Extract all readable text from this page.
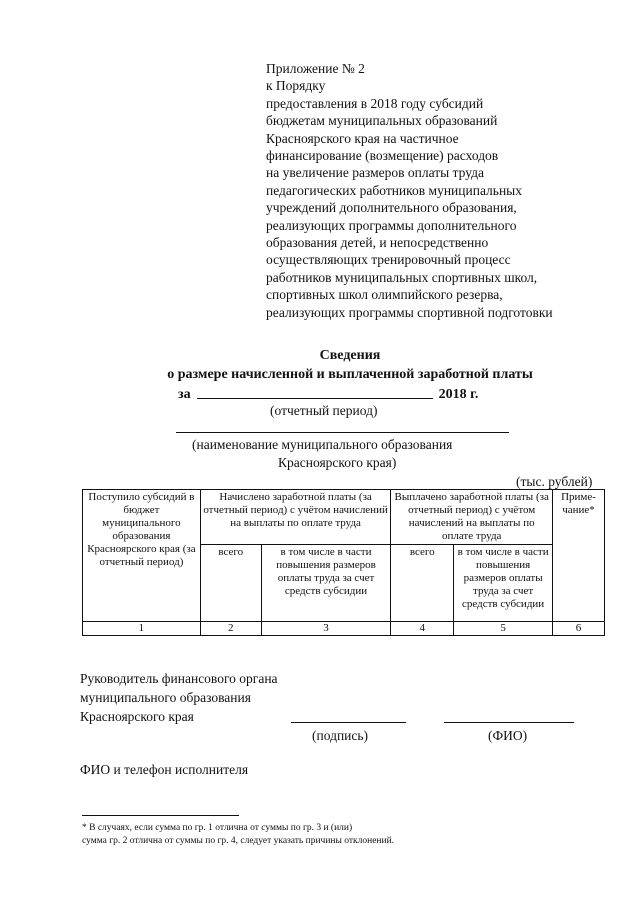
Приложение № 2
к Порядку
предоставления в 2018 году субсидий
бюджетам муниципальных образований
Красноярского края на частичное
финансирование (возмещение) расходов
на увеличение размеров оплаты труда
педагогических работников муниципальных
учреждений дополнительного образования,
реализующих программы дополнительного
образования детей, и непосредственно
осуществляющих тренировочный процесс
работников муниципальных спортивных школ,
спортивных школ олимпийского резерва,
реализующих программы спортивной подготовки
Сведения
о размере начисленной и выплаченной заработной платы
за	2018 г.
(отчетный период)
(наименование муниципального образования
Красноярского края)
(тыс. рублей)
Поступило субсидий в бюджет муниципального образования Красноярского края (за отчетный период)	Начислено заработной платы (за отчетный период) с учётом начислений на выплаты по оплате труда		Выплачено заработной платы (за отчетный период) с учётом начислений на выплаты по оплате труда		Приме-чание*
	всего	в том числе в части повышения размеров оплаты труда за счет средств субсидии	всего	в том числе в части повышения размеров оплаты труда за счет средств субсидии	
1	2	3	4	5	6
Руководитель финансового органа
муниципального образования
Красноярского края
(подпись)	(ФИО)
ФИО и телефон исполнителя
* В случаях, если сумма по гр. 1 отлична от суммы по гр. 3 и (или)
сумма гр. 2 отлична от суммы по гр. 4, следует указать причины отклонений.
